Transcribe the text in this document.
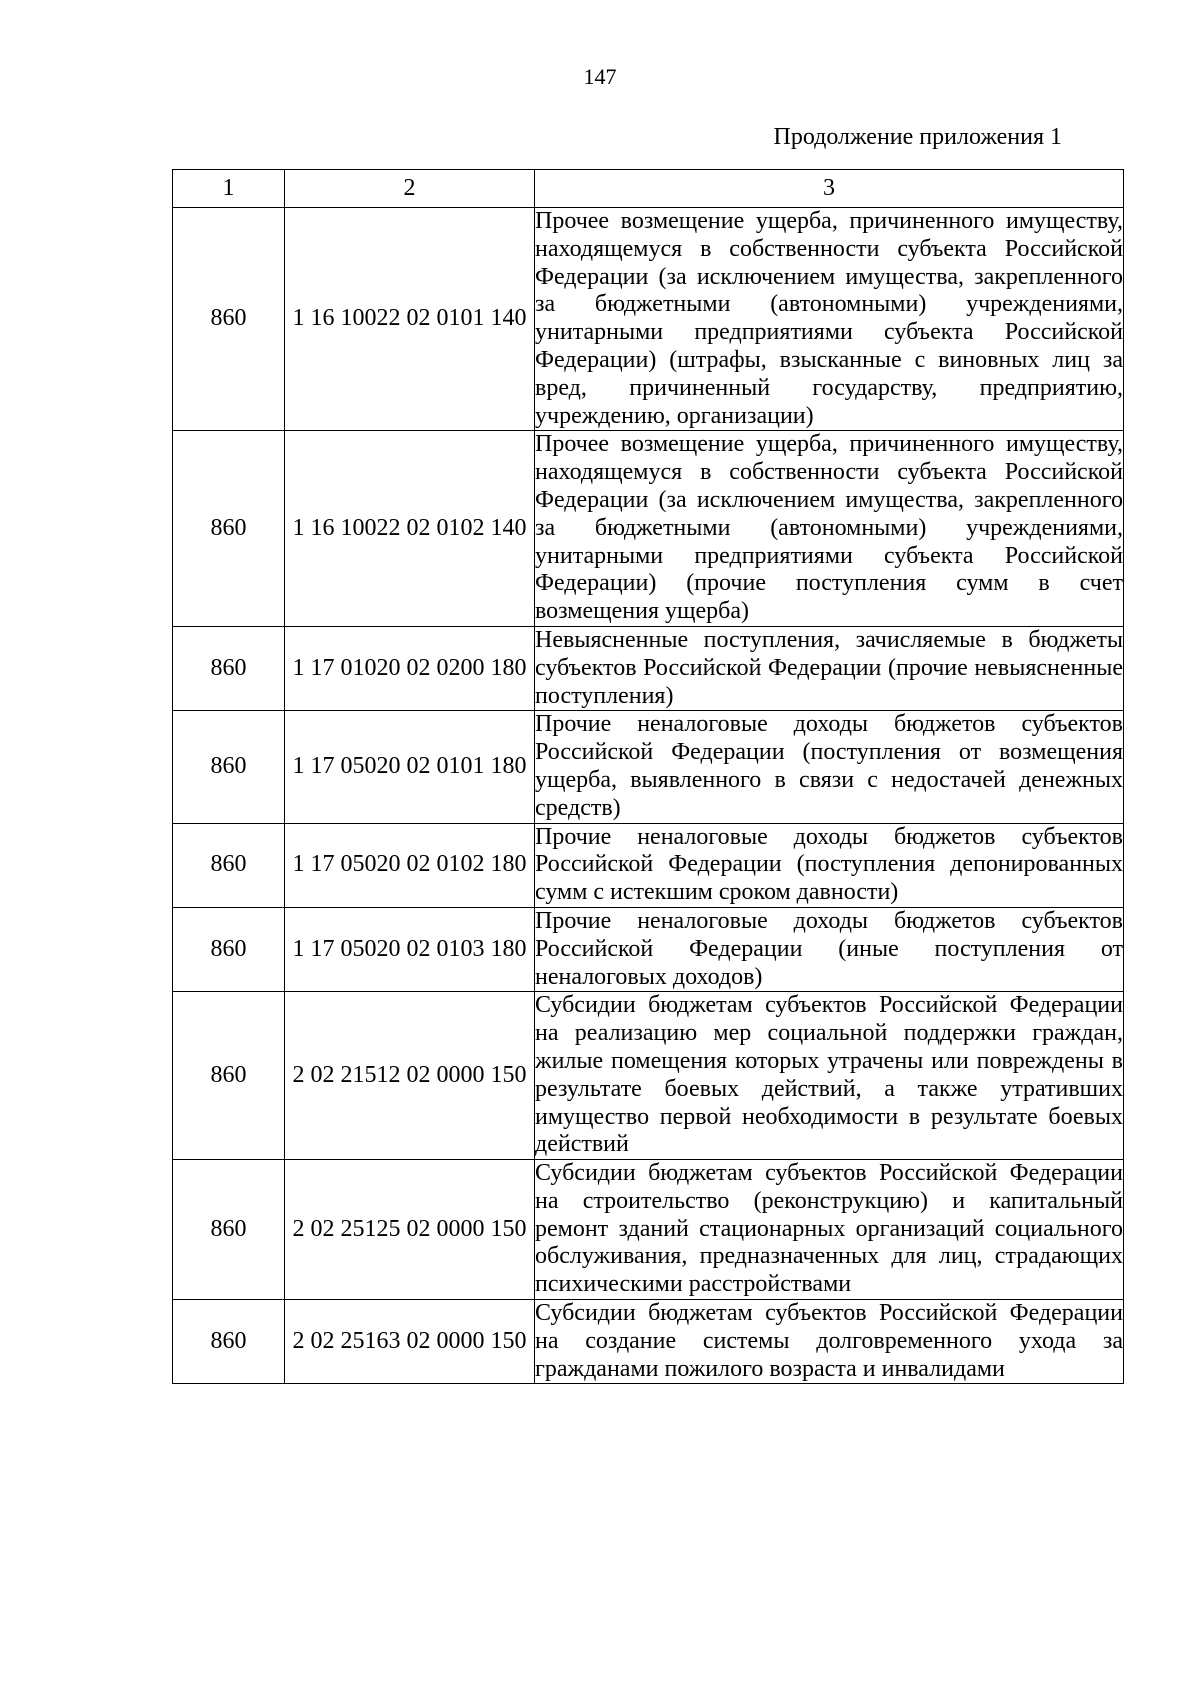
147
Продолжение приложения 1
1	2	3
860	1 16 10022 02 0101 140	Прочее возмещение ущерба, причиненного имуществу, находящемуся в собственности субъекта Российской Федерации (за исключением имущества, закрепленного за бюджетными (автономными) учреждениями, унитарными предприятиями субъекта Российской Федерации) (штрафы, взысканные с виновных лиц за вред, причиненный государству, предприятию, учреждению, организации)
860	1 16 10022 02 0102 140	Прочее возмещение ущерба, причиненного имуществу, находящемуся в собственности субъекта Российской Федерации (за исключением имущества, закрепленного за бюджетными (автономными) учреждениями, унитарными предприятиями субъекта Российской Федерации) (прочие поступления сумм в счет возмещения ущерба)
860	1 17 01020 02 0200 180	Невыясненные поступления, зачисляемые в бюджеты субъектов Российской Федерации (прочие невыясненные поступления)
860	1 17 05020 02 0101 180	Прочие неналоговые доходы бюджетов субъектов Российской Федерации (поступления от возмещения ущерба, выявленного в связи с недостачей денежных средств)
860	1 17 05020 02 0102 180	Прочие неналоговые доходы бюджетов субъектов Российской Федерации (поступления депонированных сумм с истекшим сроком давности)
860	1 17 05020 02 0103 180	Прочие неналоговые доходы бюджетов субъектов Российской Федерации (иные поступления от неналоговых доходов)
860	2 02 21512 02 0000 150	Субсидии бюджетам субъектов Российской Федерации на реализацию мер социальной поддержки граждан, жилые помещения которых утрачены или повреждены в результате боевых действий, а также утративших имущество первой необходимости в результате боевых действий
860	2 02 25125 02 0000 150	Субсидии бюджетам субъектов Российской Федерации на строительство (реконструкцию) и капитальный ремонт зданий стационарных организаций социального обслуживания, предназначенных для лиц, страдающих психическими расстройствами
860	2 02 25163 02 0000 150	Субсидии бюджетам субъектов Российской Федерации на создание системы долговременного ухода за гражданами пожилого возраста и инвалидами
